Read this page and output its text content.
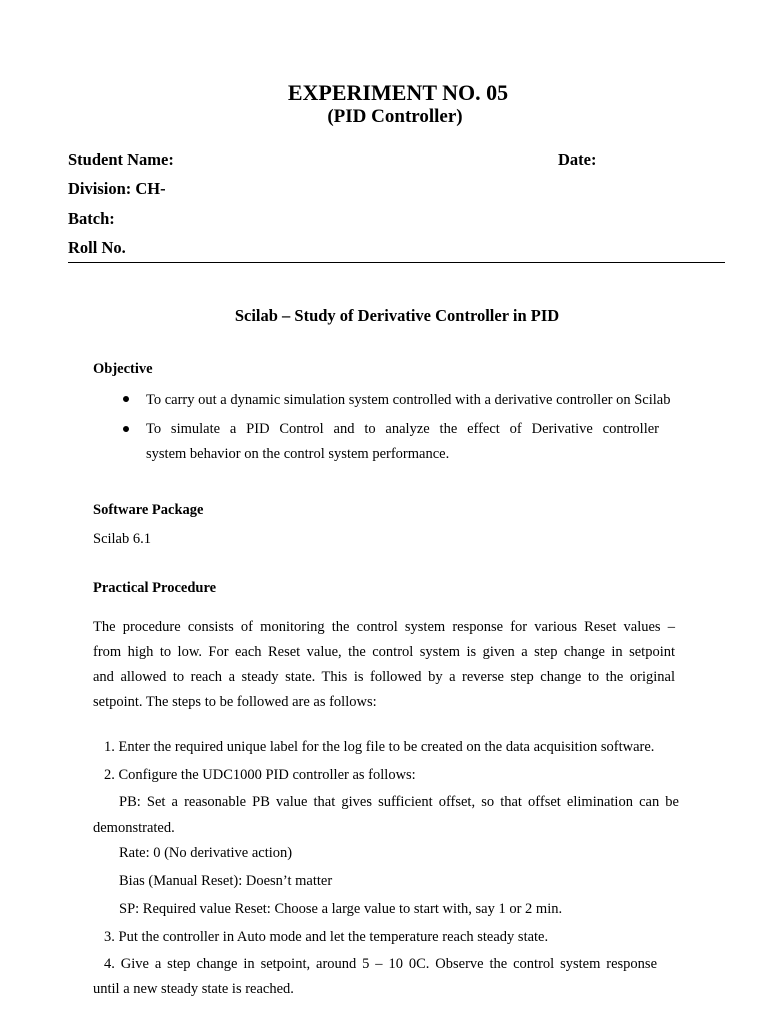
EXPERIMENT NO. 05
(PID Controller)
Student Name:	Date:
Division: CH-
Batch:
Roll No.
Scilab – Study of Derivative Controller in PID
Objective
To carry out a dynamic simulation system controlled with a derivative controller on Scilab
To simulate a PID Control and to analyze the effect of Derivative controller
system behavior on the control system performance.
Software Package
Scilab 6.1
Practical Procedure
The procedure consists of monitoring the control system response for various Reset values –
from high to low. For each Reset value, the control system is given a step change in setpoint
and allowed to reach a steady state. This is followed by a reverse step change to the original
setpoint. The steps to be followed are as follows:
1. Enter the required unique label for the log file to be created on the data acquisition software.
2. Configure the UDC1000 PID controller as follows:
PB: Set a reasonable PB value that gives sufficient offset, so that offset elimination can be
demonstrated.
Rate: 0 (No derivative action)
Bias (Manual Reset): Doesn’t matter
SP: Required value Reset: Choose a large value to start with, say 1 or 2 min.
3. Put the controller in Auto mode and let the temperature reach steady state.
4. Give a step change in setpoint, around 5 – 10 0C. Observe the control system response
until a new steady state is reached.
